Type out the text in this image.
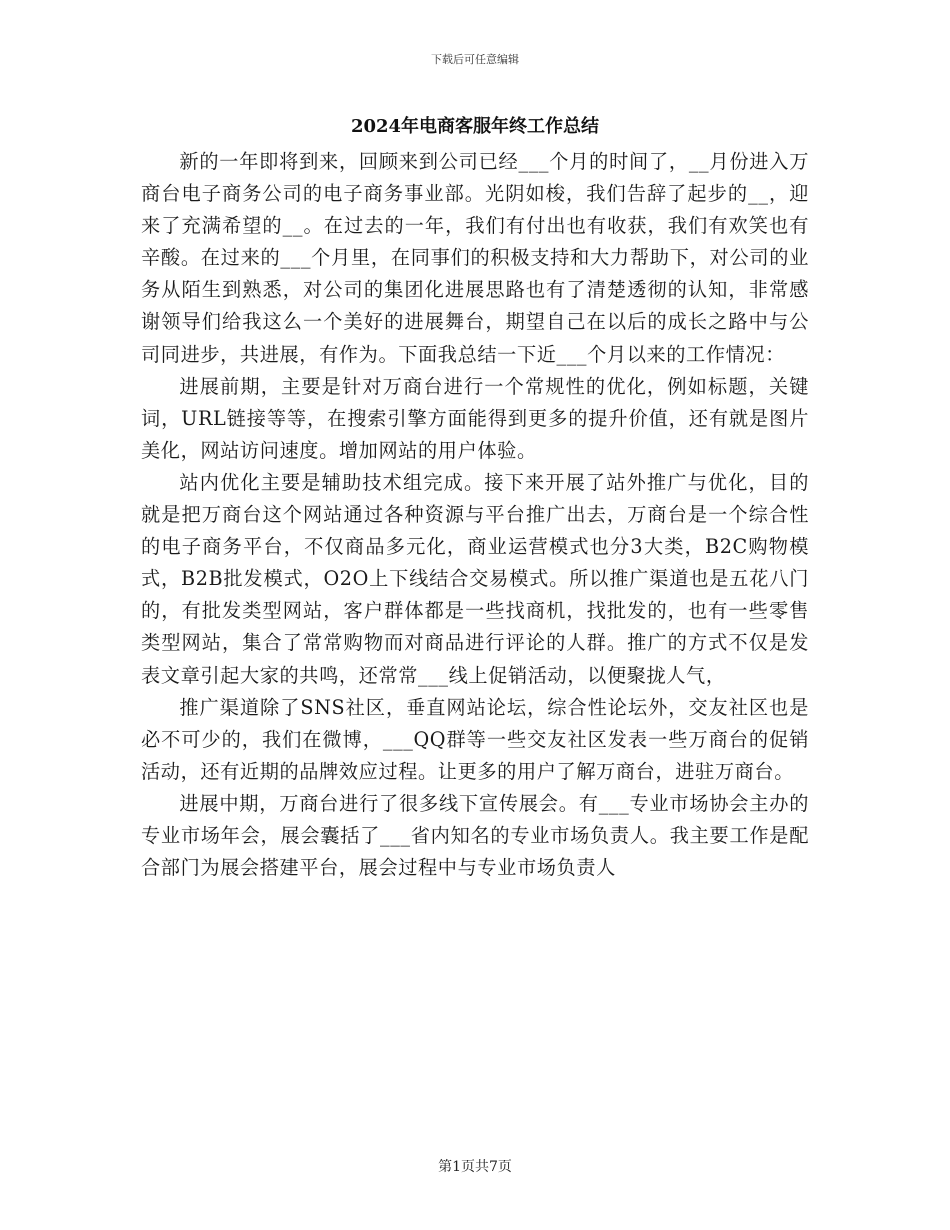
下载后可任意编辑
2024年电商客服年终工作总结

新的一年即将到来，回顾来到公司已经___个月的时间了，__月份进入万商台电子商务公司的电子商务事业部。光阴如梭，我们告辞了起步的__，迎来了充满希望的__。在过去的一年，我们有付出也有收获，我们有欢笑也有辛酸。在过来的___个月里，在同事们的积极支持和大力帮助下，对公司的业务从陌生到熟悉，对公司的集团化进展思路也有了清楚透彻的认知，非常感谢领导们给我这么一个美好的进展舞台，期望自己在以后的成长之路中与公司同进步，共进展，有作为。下面我总结一下近___个月以来的工作情况：

进展前期，主要是针对万商台进行一个常规性的优化，例如标题，关键词，URL链接等等，在搜索引擎方面能得到更多的提升价值，还有就是图片美化，网站访问速度。增加网站的用户体验。

站内优化主要是辅助技术组完成。接下来开展了站外推广与优化，目的就是把万商台这个网站通过各种资源与平台推广出去，万商台是一个综合性的电子商务平台，不仅商品多元化，商业运营模式也分3大类，B2C购物模式，B2B批发模式，O2O上下线结合交易模式。所以推广渠道也是五花八门的，有批发类型网站，客户群体都是一些找商机，找批发的，也有一些零售类型网站，集合了常常购物而对商品进行评论的人群。推广的方式不仅是发表文章引起大家的共鸣，还常常___线上促销活动，以便聚拢人气，

推广渠道除了SNS社区，垂直网站论坛，综合性论坛外，交友社区也是必不可少的，我们在微博，___QQ群等一些交友社区发表一些万商台的促销活动，还有近期的品牌效应过程。让更多的用户了解万商台，进驻万商台。

进展中期，万商台进行了很多线下宣传展会。有___专业市场协会主办的专业市场年会，展会囊括了___省内知名的专业市场负责人。我主要工作是配合部门为展会搭建平台，展会过程中与专业市场负责人

第1页共7页
